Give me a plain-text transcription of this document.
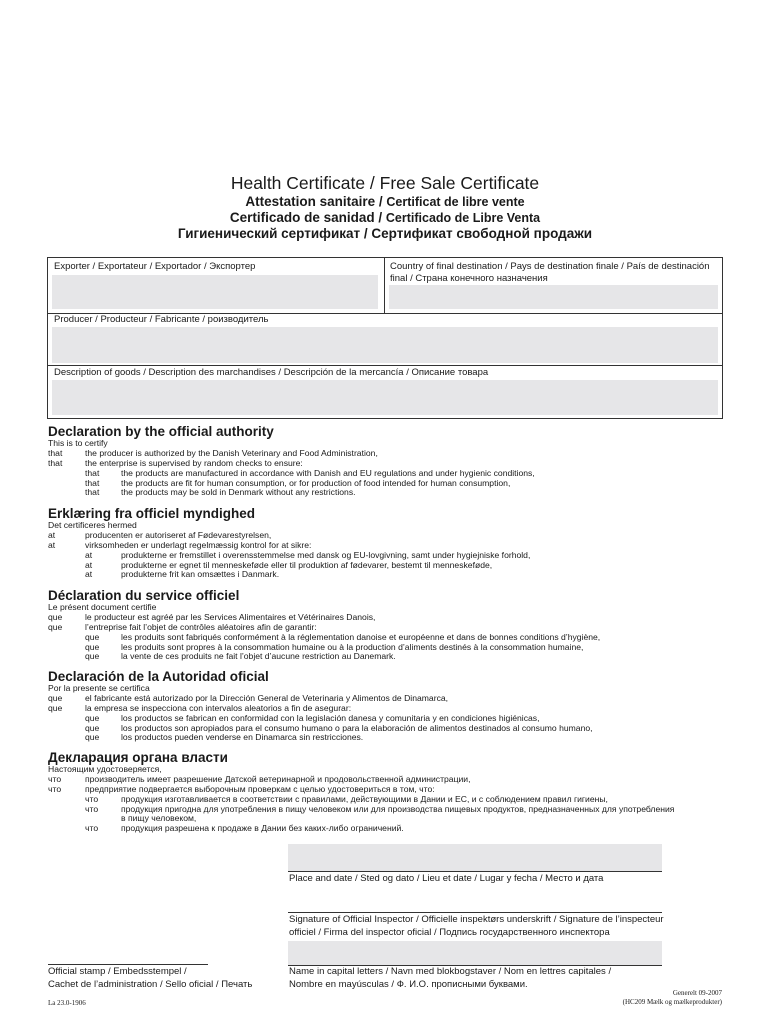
Health Certificate / Free Sale Certificate
Attestation sanitaire / Certificat de libre vente
Certificado de sanidad / Certificado de Libre Venta
Гигиенический сертификат / Сертификат свободной продажи
Exporter / Exportateur / Exportador / Экспортер	Country of final destination / Pays de destination finale / País de destinación final / Страна конечного назначения
Producer / Producteur / Fabricante / роизводитель
Description of goods / Description des marchandises / Descripción de la mercancía / Описание товара
Declaration by the official authority
This is to certify
that	the producer is authorized by the Danish Veterinary and Food Administration,
that	the enterprise is supervised by random checks to ensure:
that	the products are manufactured in accordance with Danish and EU regulations and under hygienic conditions,
that	the products are fit for human consumption, or for production of food intended for human consumption,
that	the products may be sold in Denmark without any restrictions.
Erklæring fra officiel myndighed
Det certificeres hermed
at	producenten er autoriseret af Fødevarestyrelsen,
at	virksomheden er underlagt regelmæssig kontrol for at sikre:
at	produkterne er fremstillet i overensstemmelse med dansk og EU-lovgivning, samt under hygiejniske forhold,
at	produkterne er egnet til menneskeføde eller til produktion af fødevarer, bestemt til menneskeføde,
at	produkterne frit kan omsættes i Danmark.
Déclaration du service officiel
Le présent document certifie
que	le producteur est agréé par les Services Alimentaires et Vétérinaires Danois,
que	l’entreprise fait l’objet de contrôles aléatoires afin de garantir:
que	les produits sont fabriqués conformément à la réglementation danoise et européenne et dans de bonnes conditions d’hygiène,
que	les produits sont propres à la consommation humaine ou à la production d’aliments destinés à la consommation humaine,
que	la vente de ces produits ne fait l’objet d’aucune restriction au Danemark.
Declaración de la Autoridad oficial
Por la presente se certifica
que	el fabricante está autorizado por la Dirección General de Veterinaria y Alimentos de Dinamarca,
que	la empresa se inspecciona con intervalos aleatorios a fin de asegurar:
que	los productos se fabrican en conformidad con la legislación danesa y comunitaria y en condiciones higiénicas,
que	los productos son apropiados para el consumo humano o para la elaboración de alimentos destinados al consumo humano,
que	los productos pueden venderse en Dinamarca sin restricciones.
Декларация органа власти
Настоящим удостоверяется,
что	производитель имеет разрешение Датской ветеринарной и продовольственной администрации,
что	предприятие подвергается выборочным проверкам с целью удостовериться в том, что:
что	продукция изготавливается в соответствии с правилами, действующими в Дании и ЕС, и с соблюдением правил гигиены,
что	продукция пригодна для употребления в пищу человеком или для производства пищевых продуктов, предназначенных для употребления в пищу человеком,
что	продукция разрешена к продаже в Дании без каких-либо ограничений.
Place and date / Sted og dato / Lieu et date / Lugar y fecha / Место и дата
Signature of Official Inspector / Officielle inspektørs underskrift / Signature de l’inspecteur
officiel / Firma del inspector oficial / Подпись государственного инспектора
Name in capital letters / Navn med blokbogstaver / Nom en lettres capitales /
Nombre en mayúsculas / Ф. И.О. прописными буквами.
Official stamp / Embedsstempel /
Cachet de l’administration / Sello oficial / Печать
La 23.0-1906
Generelt 09-2007
(HC209 Mælk og mælkeprodukter)
